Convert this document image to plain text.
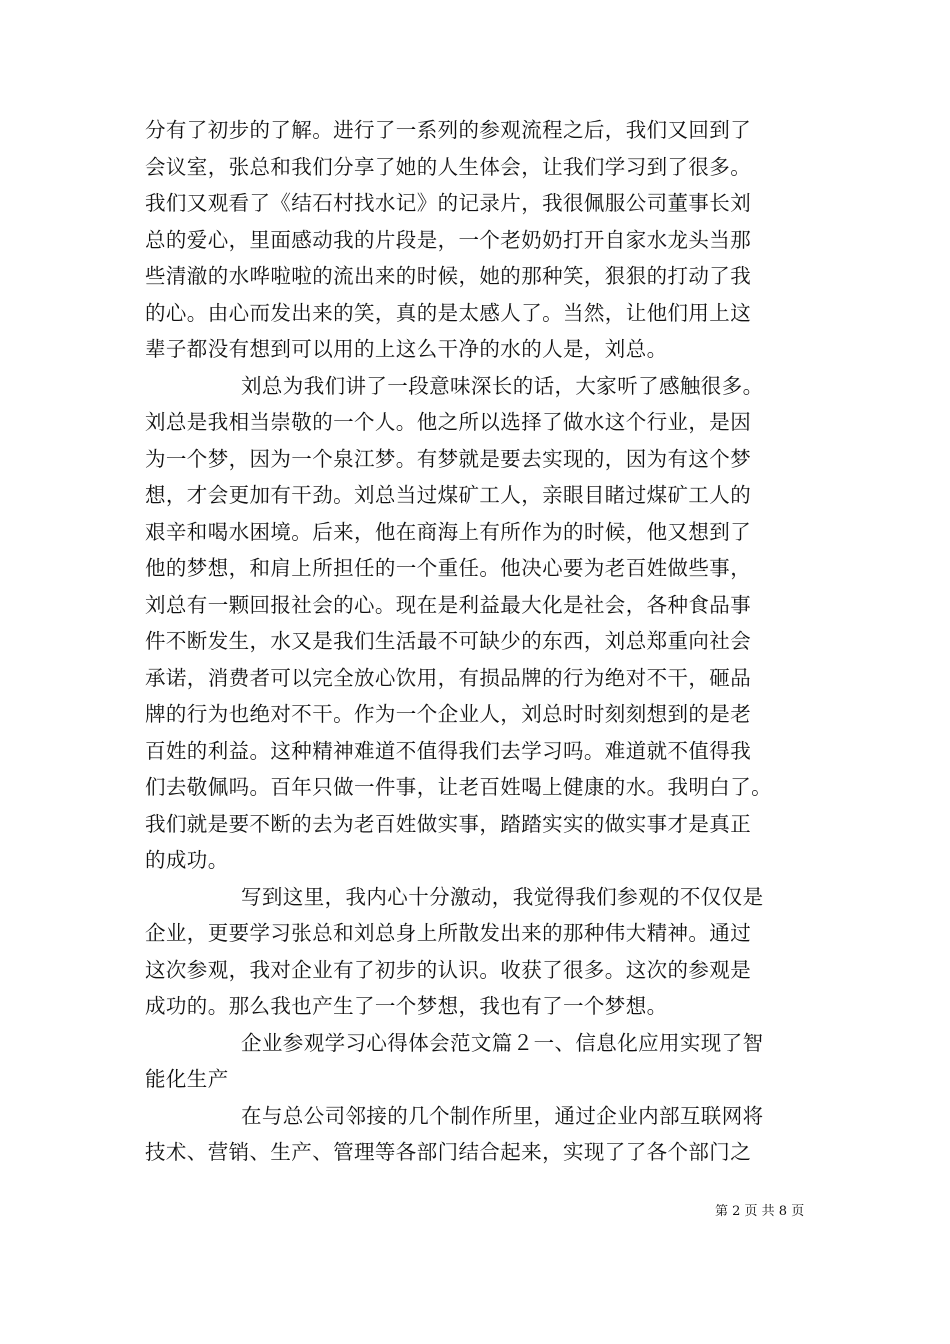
分有了初步的了解。进行了一系列的参观流程之后，我们又回到了
会议室，张总和我们分享了她的人生体会，让我们学习到了很多。
我们又观看了《结石村找水记》的记录片，我很佩服公司董事长刘
总的爱心，里面感动我的片段是，一个老奶奶打开自家水龙头当那
些清澈的水哗啦啦的流出来的时候，她的那种笑，狠狠的打动了我
的心。由心而发出来的笑，真的是太感人了。当然，让他们用上这
辈子都没有想到可以用的上这么干净的水的人是，刘总。
刘总为我们讲了一段意味深长的话，大家听了感触很多。
刘总是我相当崇敬的一个人。他之所以选择了做水这个行业，是因
为一个梦，因为一个泉江梦。有梦就是要去实现的，因为有这个梦
想，才会更加有干劲。刘总当过煤矿工人，亲眼目睹过煤矿工人的
艰辛和喝水困境。后来，他在商海上有所作为的时候，他又想到了
他的梦想，和肩上所担任的一个重任。他决心要为老百姓做些事，
刘总有一颗回报社会的心。现在是利益最大化是社会，各种食品事
件不断发生，水又是我们生活最不可缺少的东西，刘总郑重向社会
承诺，消费者可以完全放心饮用，有损品牌的行为绝对不干，砸品
牌的行为也绝对不干。作为一个企业人，刘总时时刻刻想到的是老
百姓的利益。这种精神难道不值得我们去学习吗。难道就不值得我
们去敬佩吗。百年只做一件事，让老百姓喝上健康的水。我明白了。
我们就是要不断的去为老百姓做实事，踏踏实实的做实事才是真正
的成功。
写到这里，我内心十分激动，我觉得我们参观的不仅仅是
企业，更要学习张总和刘总身上所散发出来的那种伟大精神。通过
这次参观，我对企业有了初步的认识。收获了很多。这次的参观是
成功的。那么我也产生了一个梦想，我也有了一个梦想。
企业参观学习心得体会范文篇２一、信息化应用实现了智
能化生产
在与总公司邻接的几个制作所里，通过企业内部互联网将
技术、营销、生产、管理等各部门结合起来，实现了了各个部门之
第 2 页 共 8 页
